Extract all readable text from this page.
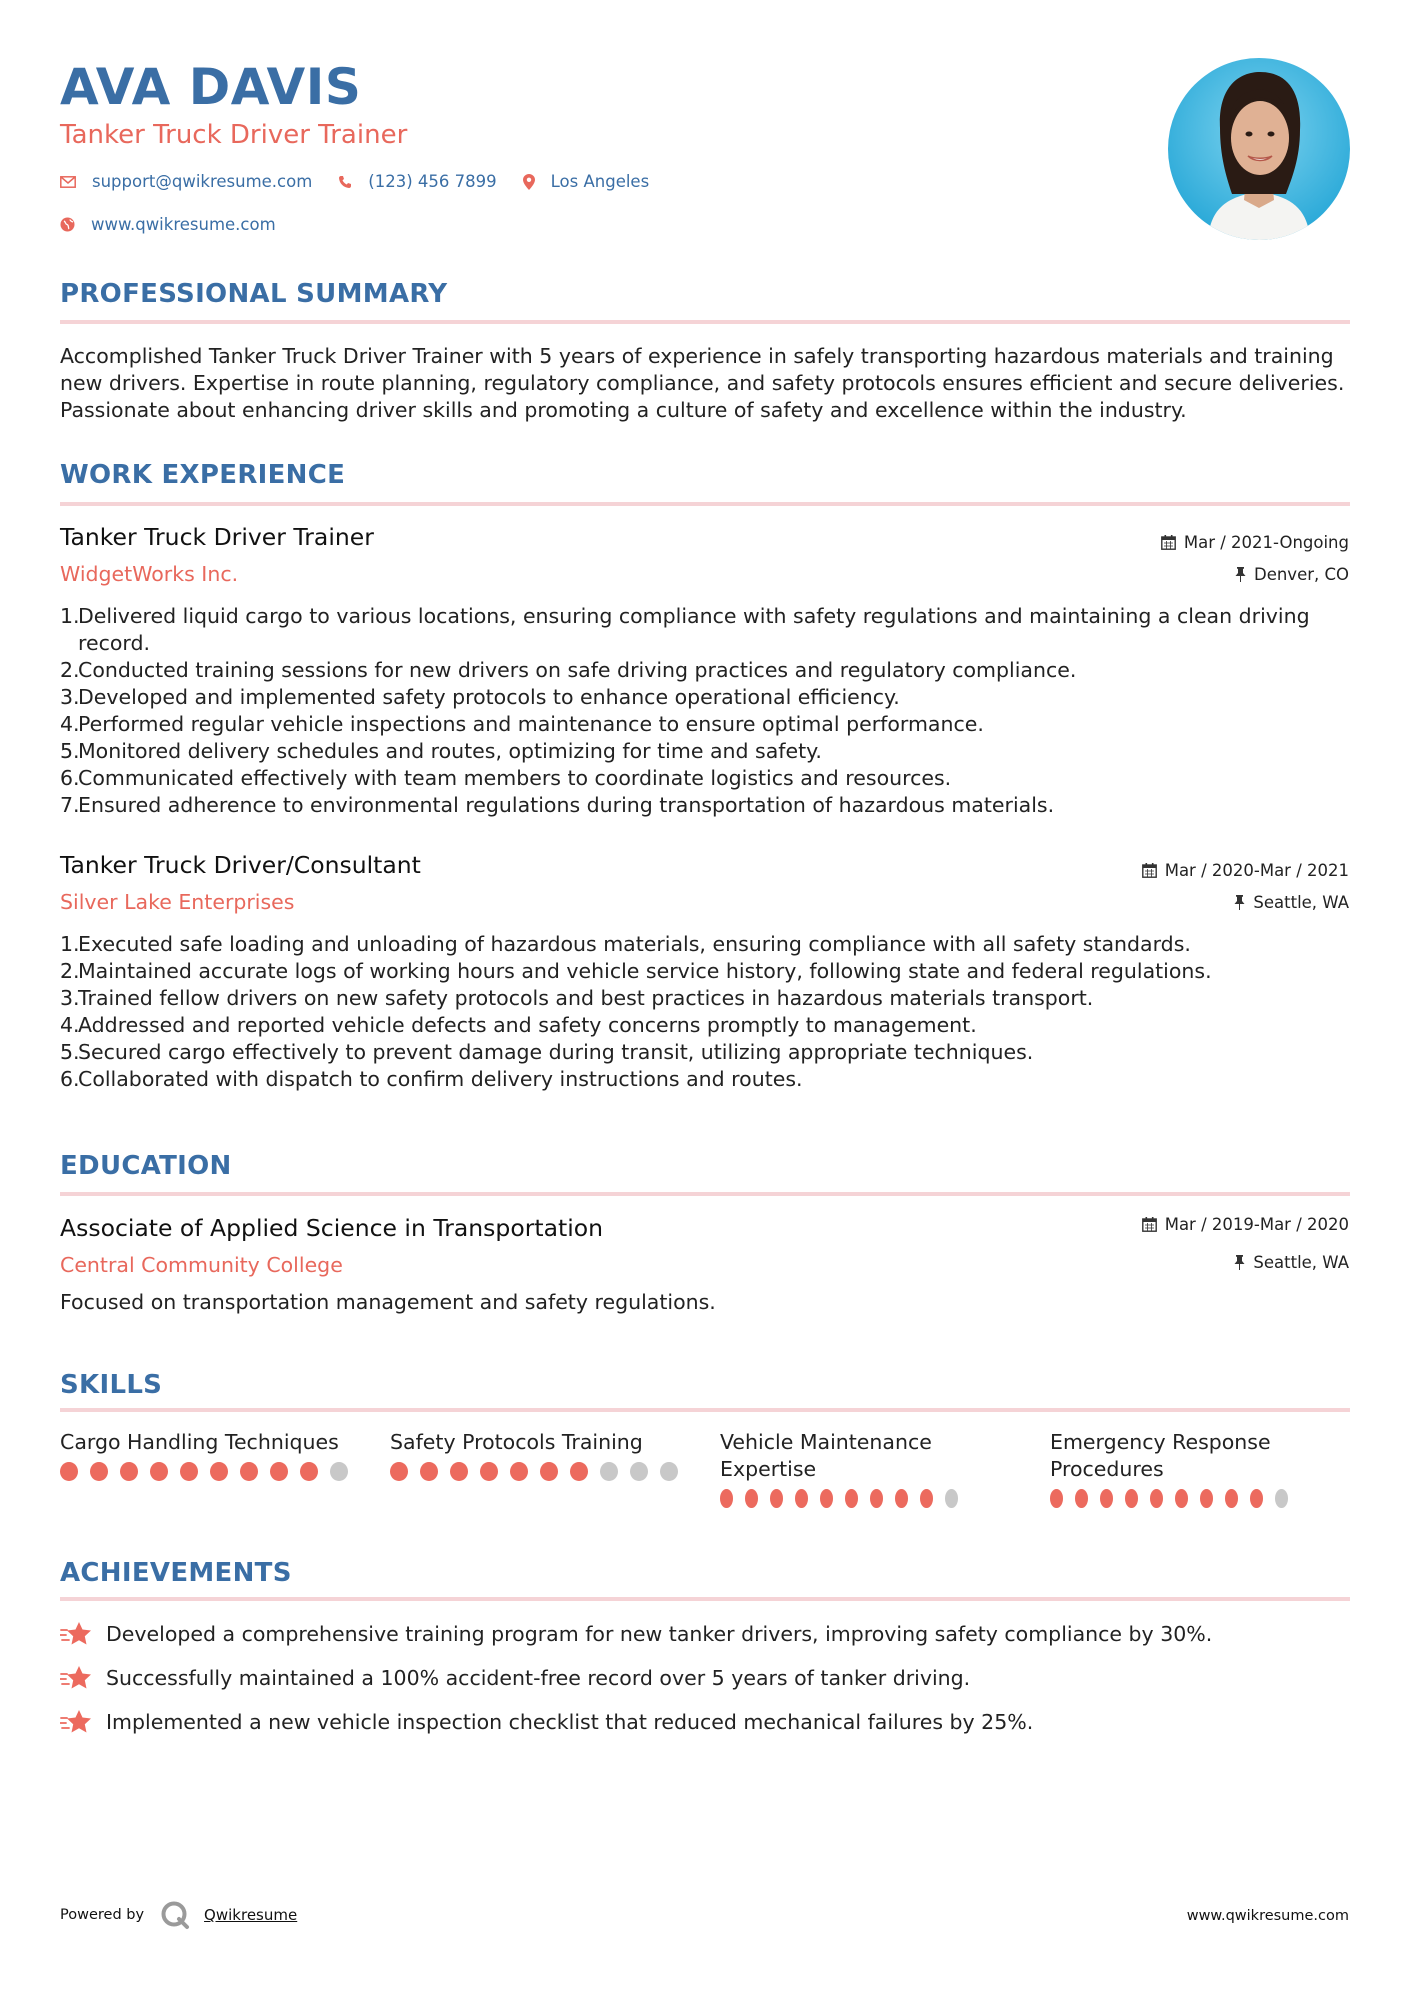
AVA DAVIS
Tanker Truck Driver Trainer
support@qwikresume.com	(123) 456 7899	Los Angeles
www.qwikresume.com
PROFESSIONAL SUMMARY
Accomplished Tanker Truck Driver Trainer with 5 years of experience in safely transporting hazardous materials and training new drivers. Expertise in route planning, regulatory compliance, and safety protocols ensures efficient and secure deliveries. Passionate about enhancing driver skills and promoting a culture of safety and excellence within the industry.
WORK EXPERIENCE
Tanker Truck Driver Trainer	Mar / 2021-Ongoing
WidgetWorks Inc.	Denver, CO
1.
Delivered liquid cargo to various locations, ensuring compliance with safety regulations and maintaining a clean driving record.
2.
Conducted training sessions for new drivers on safe driving practices and regulatory compliance.
3.
Developed and implemented safety protocols to enhance operational efficiency.
4.
Performed regular vehicle inspections and maintenance to ensure optimal performance.
5.
Monitored delivery schedules and routes, optimizing for time and safety.
6.
Communicated effectively with team members to coordinate logistics and resources.
7.
Ensured adherence to environmental regulations during transportation of hazardous materials.
Tanker Truck Driver/Consultant	Mar / 2020-Mar / 2021
Silver Lake Enterprises	Seattle, WA
1.
Executed safe loading and unloading of hazardous materials, ensuring compliance with all safety standards.
2.
Maintained accurate logs of working hours and vehicle service history, following state and federal regulations.
3.
Trained fellow drivers on new safety protocols and best practices in hazardous materials transport.
4.
Addressed and reported vehicle defects and safety concerns promptly to management.
5.
Secured cargo effectively to prevent damage during transit, utilizing appropriate techniques.
6.
Collaborated with dispatch to confirm delivery instructions and routes.
EDUCATION
Associate of Applied Science in Transportation	Mar / 2019-Mar / 2020
Central Community College	Seattle, WA
Focused on transportation management and safety regulations.
SKILLS
Cargo Handling Techniques	Safety Protocols Training	Vehicle Maintenance Expertise
Emergency Response Procedures
ACHIEVEMENTS
Developed a comprehensive training program for new tanker drivers, improving safety compliance by 30%.
Successfully maintained a 100% accident-free record over 5 years of tanker driving.
Implemented a new vehicle inspection checklist that reduced mechanical failures by 25%.
Powered by	Qwikresume	www.qwikresume.com
